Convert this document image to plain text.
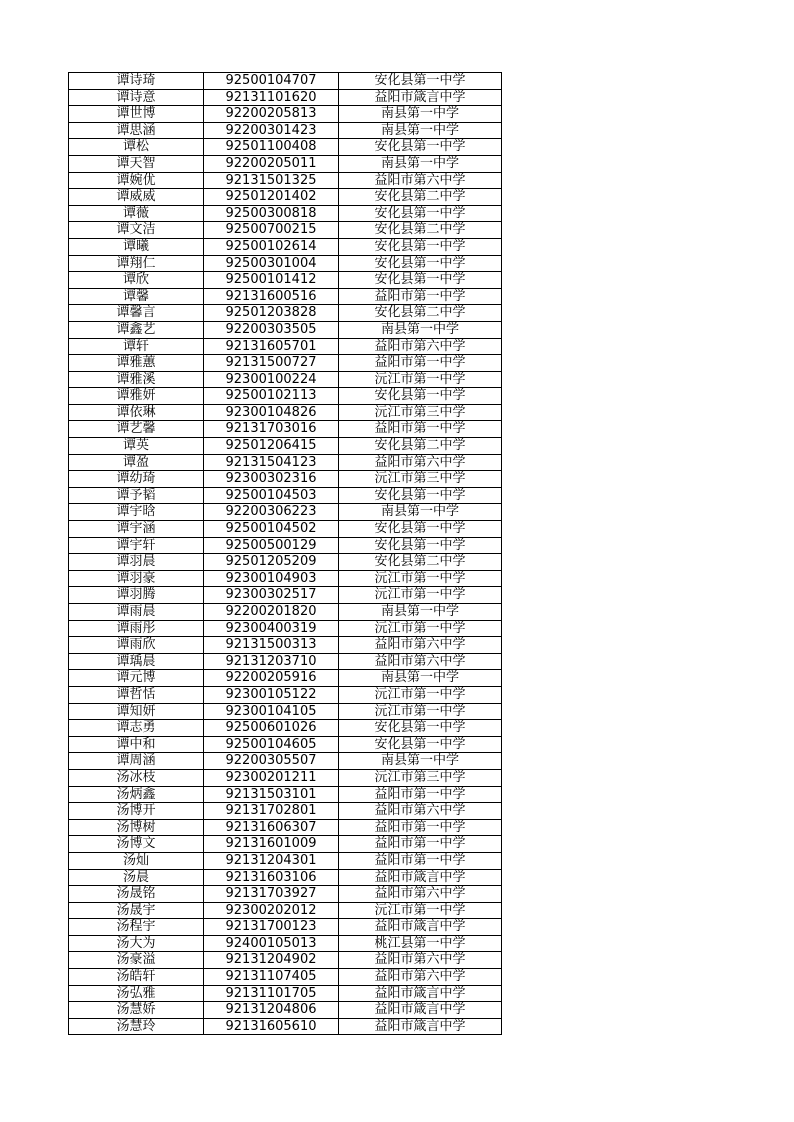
谭诗琦	92500104707	安化县第一中学
谭诗意	92131101620	益阳市箴言中学
谭世博	92200205813	南县第一中学
谭思涵	92200301423	南县第一中学
谭松	92501100408	安化县第一中学
谭天智	92200205011	南县第一中学
谭婉优	92131501325	益阳市第六中学
谭威威	92501201402	安化县第二中学
谭薇	92500300818	安化县第一中学
谭文洁	92500700215	安化县第二中学
谭曦	92500102614	安化县第一中学
谭翔仁	92500301004	安化县第一中学
谭欣	92500101412	安化县第一中学
谭馨	92131600516	益阳市第一中学
谭馨言	92501203828	安化县第二中学
谭鑫艺	92200303505	南县第一中学
谭轩	92131605701	益阳市第六中学
谭雅蕙	92131500727	益阳市第一中学
谭雅溪	92300100224	沅江市第一中学
谭雅妍	92500102113	安化县第一中学
谭依琳	92300104826	沅江市第三中学
谭艺馨	92131703016	益阳市第一中学
谭英	92501206415	安化县第二中学
谭盈	92131504123	益阳市第六中学
谭幼琦	92300302316	沅江市第三中学
谭予韬	92500104503	安化县第一中学
谭宇晗	92200306223	南县第一中学
谭宇涵	92500104502	安化县第一中学
谭宇轩	92500500129	安化县第一中学
谭羽晨	92501205209	安化县第二中学
谭羽豪	92300104903	沅江市第一中学
谭羽腾	92300302517	沅江市第一中学
谭雨晨	92200201820	南县第一中学
谭雨彤	92300400319	沅江市第一中学
谭雨欣	92131500313	益阳市第六中学
谭瑀晨	92131203710	益阳市第六中学
谭元博	92200205916	南县第一中学
谭哲恬	92300105122	沅江市第一中学
谭知妍	92300104105	沅江市第一中学
谭志勇	92500601026	安化县第一中学
谭中和	92500104605	安化县第一中学
谭周涵	92200305507	南县第一中学
汤冰枝	92300201211	沅江市第三中学
汤炳鑫	92131503101	益阳市第一中学
汤博开	92131702801	益阳市第六中学
汤博树	92131606307	益阳市第一中学
汤博文	92131601009	益阳市第一中学
汤灿	92131204301	益阳市第一中学
汤晨	92131603106	益阳市箴言中学
汤晟铭	92131703927	益阳市第六中学
汤晟宇	92300202012	沅江市第一中学
汤程宇	92131700123	益阳市箴言中学
汤大为	92400105013	桃江县第一中学
汤豪溢	92131204902	益阳市第六中学
汤皓轩	92131107405	益阳市第六中学
汤弘雅	92131101705	益阳市箴言中学
汤慧娇	92131204806	益阳市箴言中学
汤慧玲	92131605610	益阳市箴言中学
